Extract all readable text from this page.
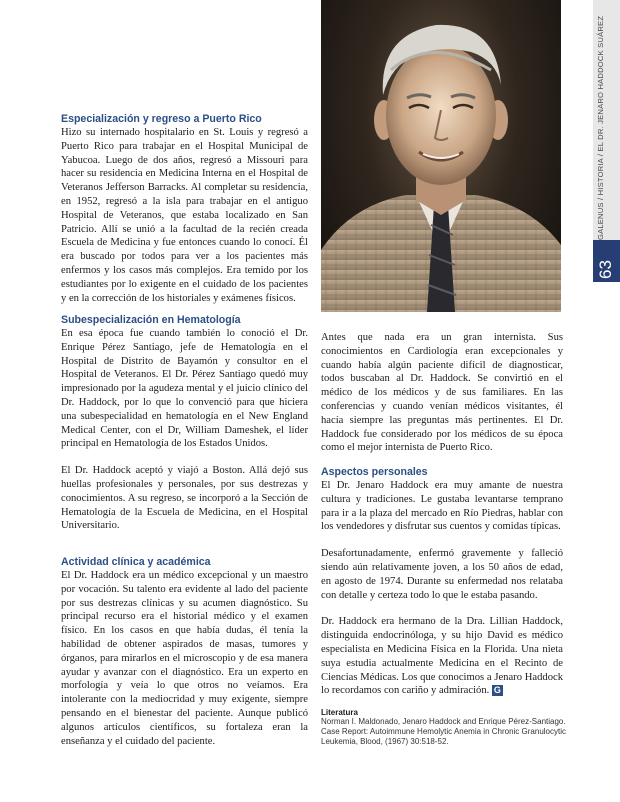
GALENUS / HISTORIA / EL DR. JENARO HADDOCK SUÁREZ
63

Especialización y regreso a Puerto Rico

Hizo su internado hospitalario en St. Louis y regresó a Puerto Rico para trabajar en el Hospital Municipal de Yabucoa. Luego de dos años, regresó a Missouri para hacer su residencia en Medicina Interna en el Hospital de Veteranos Jefferson Barracks. Al completar su residencia, en 1952, regresó a la isla para trabajar en el antiguo Hospital de Veteranos, que estaba localizado en San Patricio. Allí se unió a la facultad de la recién creada Escuela de Medicina y fue entonces cuando lo conocí. Él era buscado por todos para ver a los pacientes más enfermos y los casos más complejos. Era temido por los estudiantes por lo exigente en el cuidado de los pacientes y en la corrección de los historiales y exámenes físicos.

Subespecialización en Hematología

En esa época fue cuando también lo conoció el Dr. Enrique Pérez Santiago, jefe de Hematología en el Hospital de Distrito de Bayamón y consultor en el Hospital de Veteranos. El Dr. Pérez Santiago quedó muy impresionado por la agudeza mental y el juicio clínico del Dr. Haddock, por lo que lo convenció para que hiciera una subespecialidad en hematología en el New England Medical Center, con el Dr, William Dameshek, el líder principal en Hematología de los Estados Unidos.

El Dr. Haddock aceptó y viajó a Boston. Allá dejó sus huellas profesionales y personales, por sus destrezas y conocimientos. A su regreso, se incorporó a la Sección de Hematología de la Escuela de Medicina, en el Hospital Universitario.

Actividad clínica y académica

El Dr. Haddock era un médico excepcional y un maestro por vocación. Su talento era evidente al lado del paciente por sus destrezas clínicas y su acumen diagnóstico. Su principal recurso era el historial médico y el examen físico. En los casos en que había dudas, él tenía la habilidad de obtener aspirados de masas, tumores y órganos, para mirarlos en el microscopio y de esa manera ayudar y avanzar con el diagnóstico. Era un experto en morfología y veía lo que otros no veíamos. Era intolerante con la mediocridad y muy exigente, siempre pensando en el bienestar del paciente. Aunque publicó algunos artículos científicos, su fortaleza eran la enseñanza y el cuidado del paciente.

Antes que nada era un gran internista. Sus conocimientos en Cardiología eran excepcionales y cuando había algún paciente difícil de diagnosticar, todos buscaban al Dr. Haddock. Se convirtió en el médico de los médicos y de sus familiares. En las conferencias y cuando venían médicos visitantes, él hacía siempre las preguntas más pertinentes. El Dr. Haddock fue considerado por los médicos de su época como el mejor internista de Puerto Rico.

Aspectos personales

El Dr. Jenaro Haddock era muy amante de nuestra cultura y tradiciones. Le gustaba levantarse temprano para ir a la plaza del mercado en Río Piedras, hablar con los vendedores y disfrutar sus cuentos y comidas típicas.

Desafortunadamente, enfermó gravemente y falleció siendo aún relativamente joven, a los 50 años de edad, en agosto de 1974. Durante su enfermedad nos relataba con detalle y certeza todo lo que le estaba pasando.

Dr. Haddock era hermano de la Dra. Lillian Haddock, distinguida endocrinóloga, y su hijo David es médico especialista en Medicina Física en la Florida. Una nieta suya estudia actualmente Medicina en el Recinto de Ciencias Médicas. Los que conocimos a Jenaro Haddock lo recordamos con cariño y admiración. G

Literatura

Norman I. Maldonado, Jenaro Haddock and Enrique Pérez-Santiago. Case Report: Autoimmune Hemolytic Anemia in Chronic Granulocytic Leukemia, Blood, (1967) 30:518-52.
